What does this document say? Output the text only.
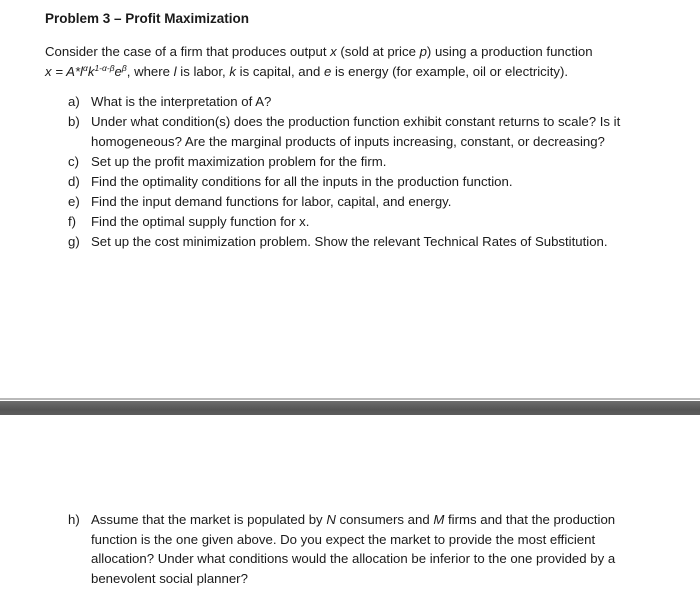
Problem 3 – Profit Maximization

Consider the case of a firm that produces output x (sold at price p) using a production function

$x = A*l^\alpha k^{1-\alpha-\beta}e^\beta$, where l is labor, k is capital, and e is energy (for example, oil or electricity).

a) What is the interpretation of A?
b) Under what condition(s) does the production function exhibit constant returns to scale? Is it homogeneous? Are the marginal products of inputs increasing, constant, or decreasing?
c) Set up the profit maximization problem for the firm.
d) Find the optimality conditions for all the inputs in the production function.
e) Find the input demand functions for labor, capital, and energy.
f) Find the optimal supply function for x.
g) Set up the cost minimization problem. Show the relevant Technical Rates of Substitution.
h) Assume that the market is populated by N consumers and M firms and that the production function is the one given above. Do you expect the market to provide the most efficient allocation? Under what conditions would the allocation be inferior to the one provided by a benevolent social planner?
